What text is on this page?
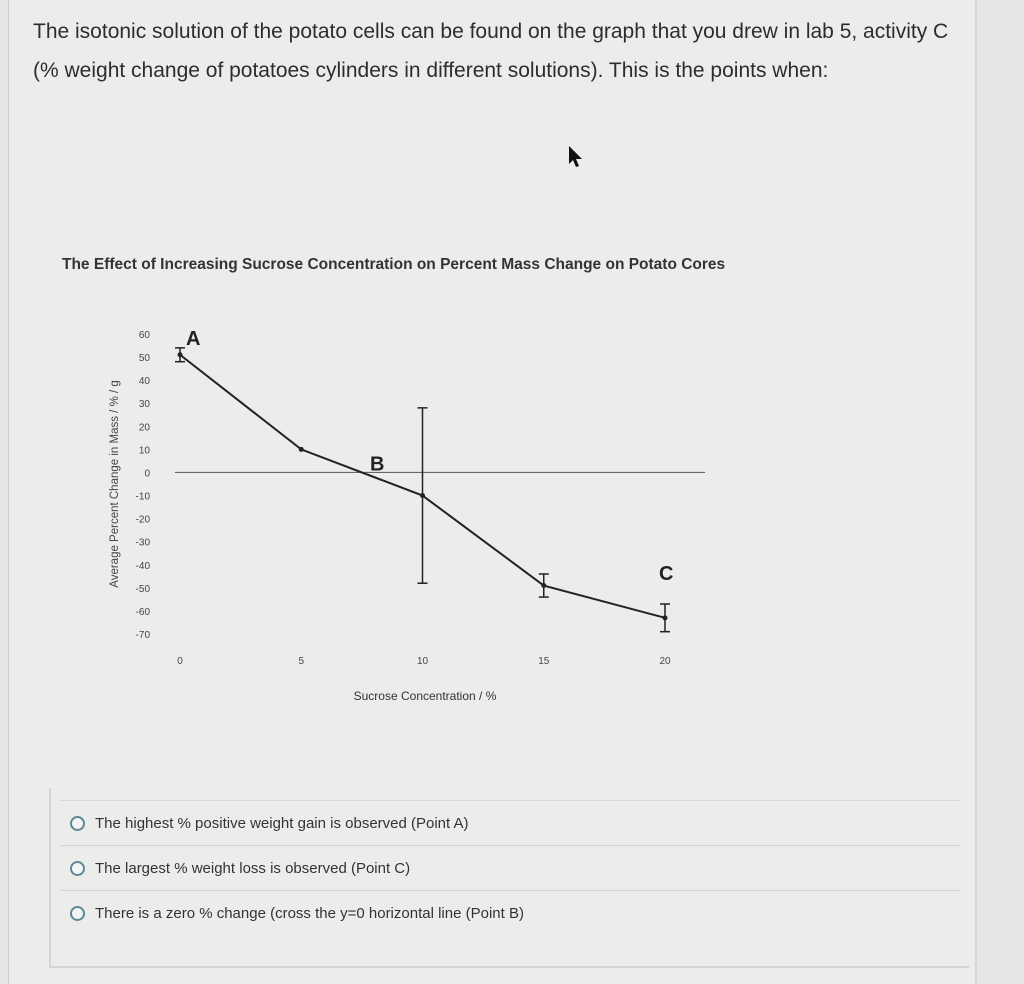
The isotonic solution of the potato cells can be found on the graph that you drew in lab 5, activity C (% weight change of potatoes cylinders in different solutions). This is the points when:
The Effect of Increasing Sucrose Concentration on Percent Mass Change on Potato Cores
Sucrose Concentration / %
Average Percent Change in Mass / % / g
60
50
40
30
20
10
0
-10
-20
-30
-40
-50
-60
-70
0	5	10	15	20
A
B
C
The highest % positive weight gain is observed (Point A)
The largest % weight loss is observed (Point C)
There is a zero % change (cross the y=0 horizontal line (Point B)
